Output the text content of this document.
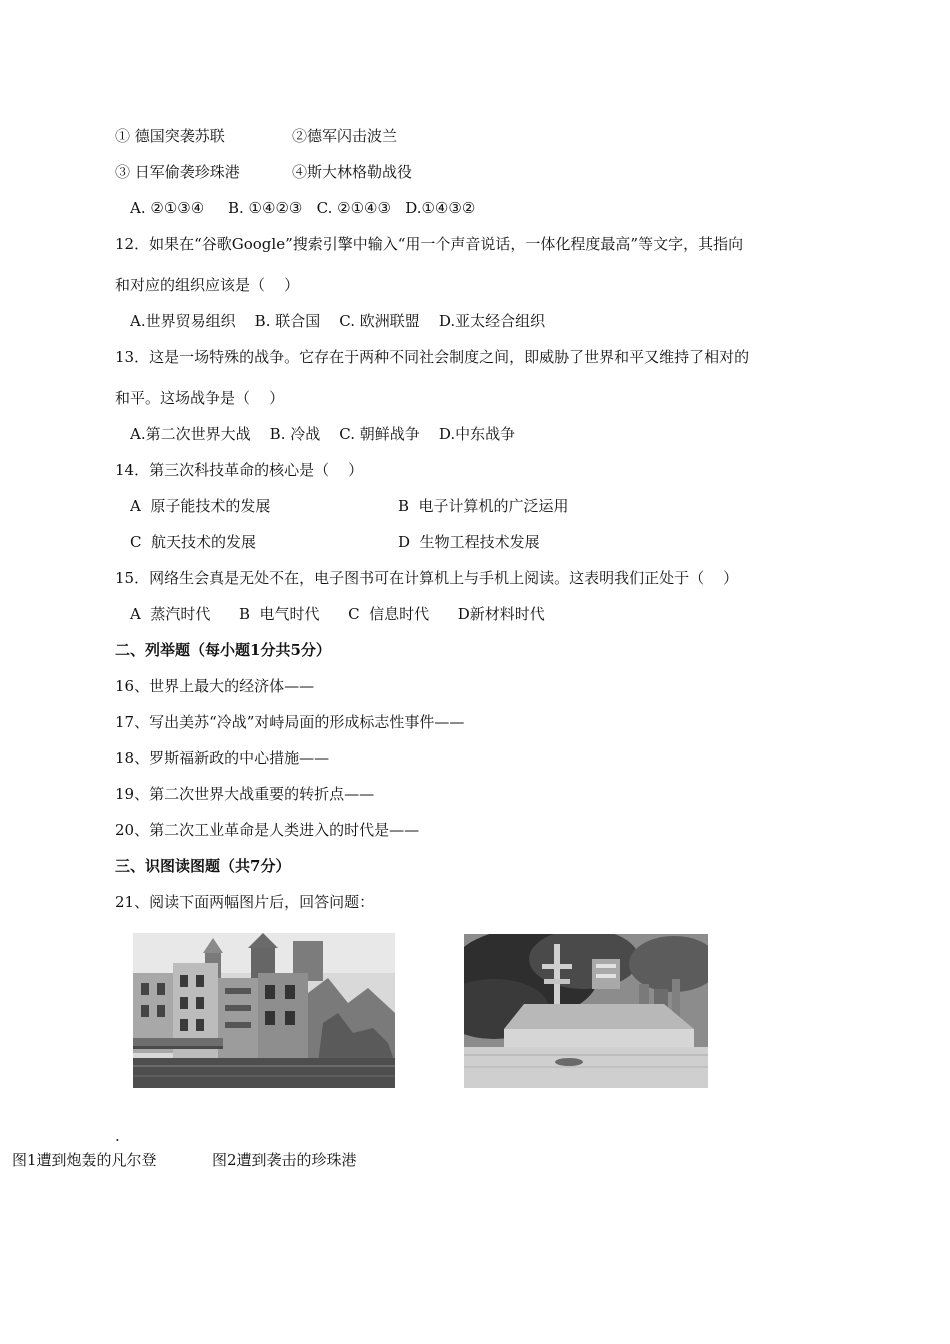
① 德国突袭苏联	②德军闪击波兰
③ 日军偷袭珍珠港	④斯大林格勒战役
A. ②①③④     B. ①④②③   C. ②①④③   D.①④③②
12．如果在“谷歌Google”搜索引擎中输入“用一个声音说话，一体化程度最高”等文字，其指向
和对应的组织应该是（    ）
A.世界贸易组织    B. 联合国    C. 欧洲联盟    D.亚太经合组织
13．这是一场特殊的战争。它存在于两种不同社会制度之间，即威胁了世界和平又维持了相对的
和平。这场战争是（    ）
A.第二次世界大战    B. 冷战    C. 朝鲜战争    D.中东战争
14．第三次科技革命的核心是（    ）
A  原子能技术的发展	B  电子计算机的广泛运用
C  航天技术的发展	D  生物工程技术发展
15．网络生会真是无处不在，电子图书可在计算机上与手机上阅读。这表明我们正处于（    ）
A  蒸汽时代      B  电气时代      C  信息时代      D新材料时代
二、列举题（每小题1分共5分）
16、世界上最大的经济体——
17、写出美苏“冷战”对峙局面的形成标志性事件——
18、罗斯福新政的中心措施——
19、第二次世界大战重要的转折点——
20、第二次工业革命是人类进入的时代是——
三、识图读图题（共7分）
21、阅读下面两幅图片后，回答问题：
.
图1遭到炮轰的凡尔登	图2遭到袭击的珍珠港
